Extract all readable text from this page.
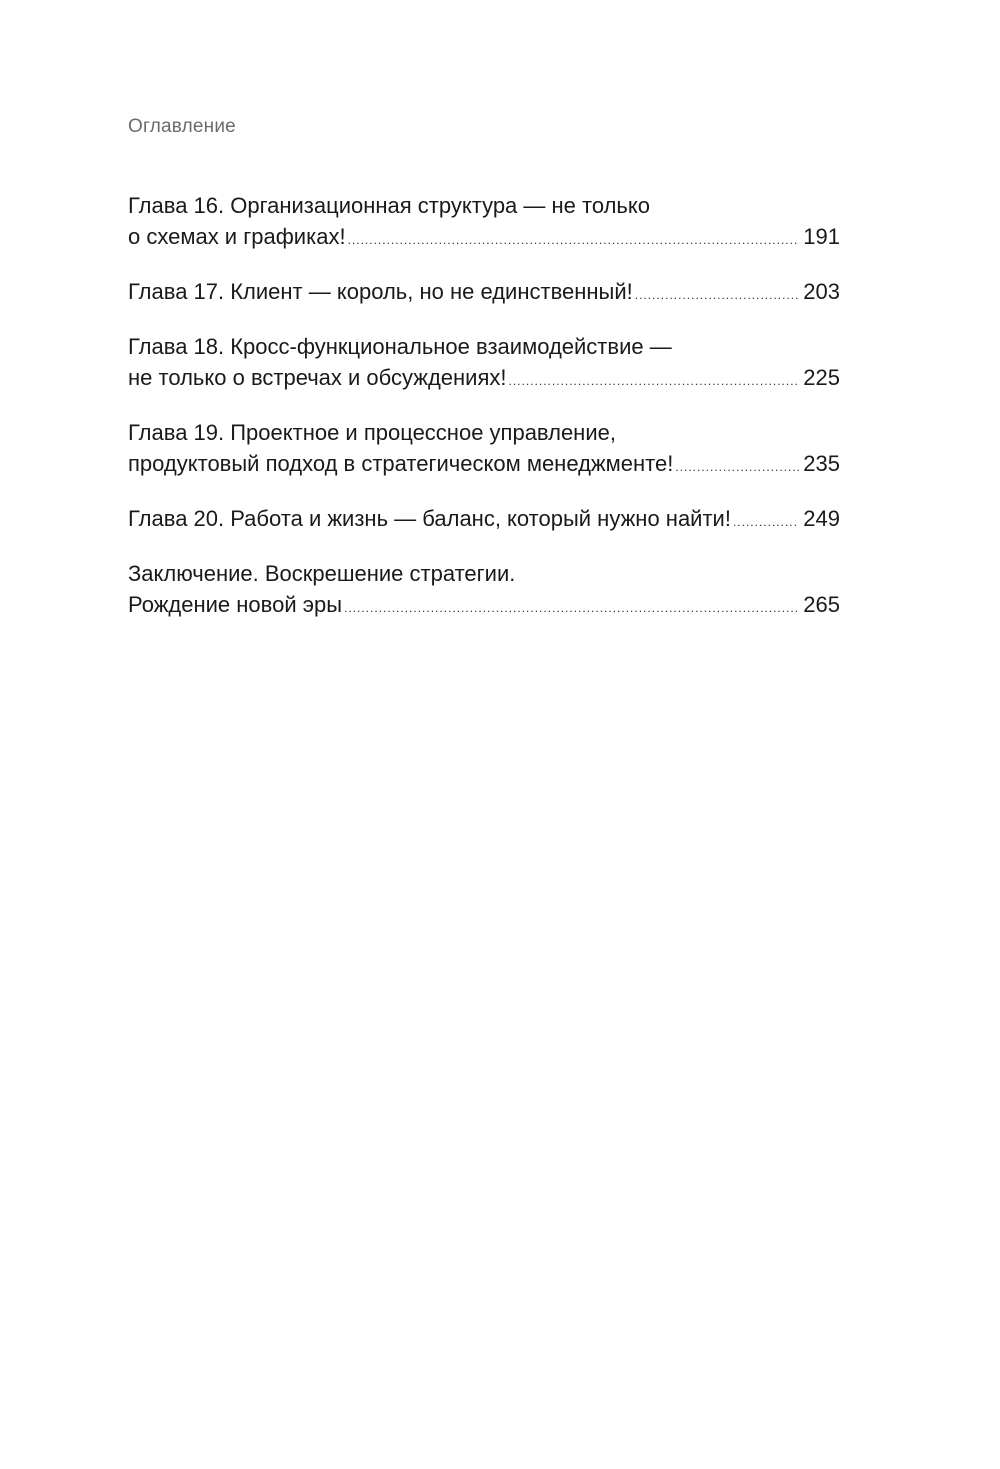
Оглавление
Глава 16. Организационная структура — не только
о схемах и графиках! .....	191
Глава 17. Клиент — король, но не единственный! .....	203
Глава 18. Кросс-функциональное взаимодействие —
не только о встречах и обсуждениях! .....	225
Глава 19. Проектное и процессное управление,
продуктовый подход в стратегическом менеджменте! .....	235
Глава 20. Работа и жизнь — баланс, который нужно найти! .....	249
Заключение. Воскрешение стратегии.
Рождение новой эры .....	265
